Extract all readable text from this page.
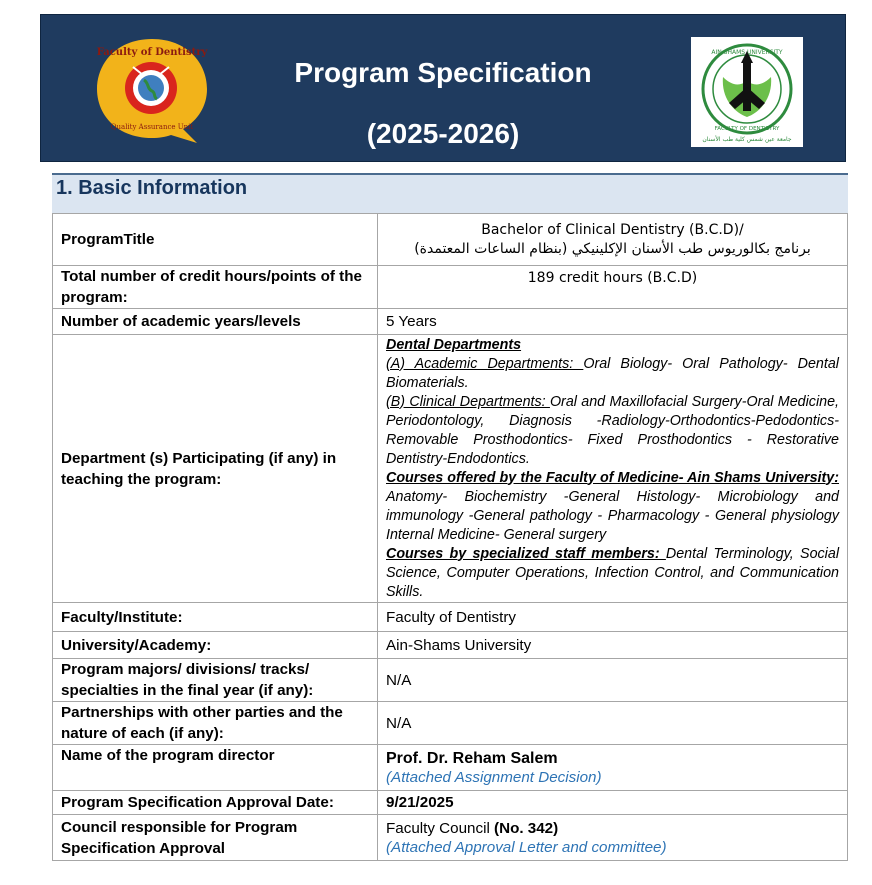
Faculty of Dentistry
Quality Assurance Unit
Program Specification
(2025-2026)
AIN SHAMS UNIVERSITY
FACULTY OF DENTISTRY
جامعة عين شمس كلية طب الأسنان
1. Basic Information
ProgramTitle	Bachelor of Clinical Dentistry (B.C.D)/
برنامج بكالوريوس طب الأسنان الإكلينيكي (بنظام الساعات المعتمدة)

Total number of credit hours/points of the program:	189 credit hours (B.C.D)
Number of academic years/levels	5 Years
Department (s) Participating (if any) in teaching the program:	Dental Departments
(A) Academic Departments: Oral Biology- Oral Pathology- Dental Biomaterials.
(B) Clinical Departments: Oral and Maxillofacial Surgery-Oral Medicine, Periodontology, Diagnosis -Radiology-Orthodontics-Pedodontics- Removable Prosthodontics- Fixed Prosthodontics - Restorative Dentistry-Endodontics.
Courses offered by the Faculty of Medicine- Ain Shams University: Anatomy- Biochemistry -General Histology- Microbiology and immunology -General pathology - Pharmacology - General physiology Internal Medicine- General surgery
Courses by specialized staff members: Dental Terminology, Social Science, Computer Operations, Infection Control, and Communication Skills.

Faculty/Institute:	Faculty of Dentistry
University/Academy:	Ain-Shams University
Program majors/ divisions/ tracks/ specialties in the final year (if any):	N/A
Partnerships with other parties and the nature of each (if any):	N/A
Name of the program director	Prof. Dr. Reham Salem
(Attached Assignment Decision)

Program Specification Approval Date:	9/21/2025
Council responsible for Program Specification Approval	Faculty Council (No. 342)
(Attached Approval Letter and committee)
